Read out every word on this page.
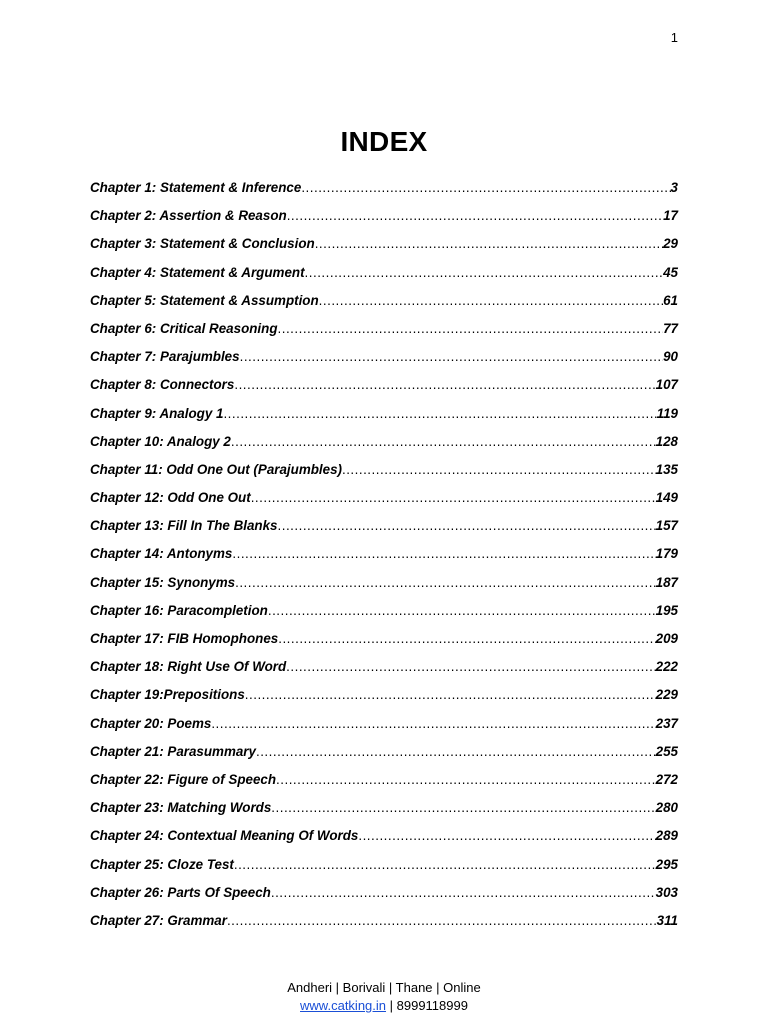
1
INDEX
Chapter 1: Statement & Inference .....	3
Chapter 2: Assertion & Reason .....	17
Chapter 3: Statement & Conclusion .....	29
Chapter 4: Statement & Argument .....	45
Chapter 5: Statement & Assumption .....	61
Chapter 6: Critical Reasoning .....	77
Chapter 7: Parajumbles .....	90
Chapter 8: Connectors .....	107
Chapter 9: Analogy 1 .....	119
Chapter 10: Analogy 2 .....	128
Chapter 11: Odd One Out (Parajumbles) .....	135
Chapter 12: Odd One Out .....	149
Chapter 13: Fill In The Blanks .....	157
Chapter 14: Antonyms .....	179
Chapter 15: Synonyms .....	187
Chapter 16: Paracompletion .....	195
Chapter 17: FIB Homophones .....	209
Chapter 18: Right Use Of Word .....	222
Chapter 19:Prepositions .....	229
Chapter 20: Poems .....	237
Chapter 21: Parasummary .....	255
Chapter 22: Figure of Speech .....	272
Chapter 23: Matching Words .....	280
Chapter 24: Contextual Meaning Of Words .....	289
Chapter 25: Cloze Test .....	295
Chapter 26: Parts Of Speech .....	303
Chapter 27: Grammar .....	311
Andheri | Borivali | Thane | Online
www.catking.in | 8999118999
